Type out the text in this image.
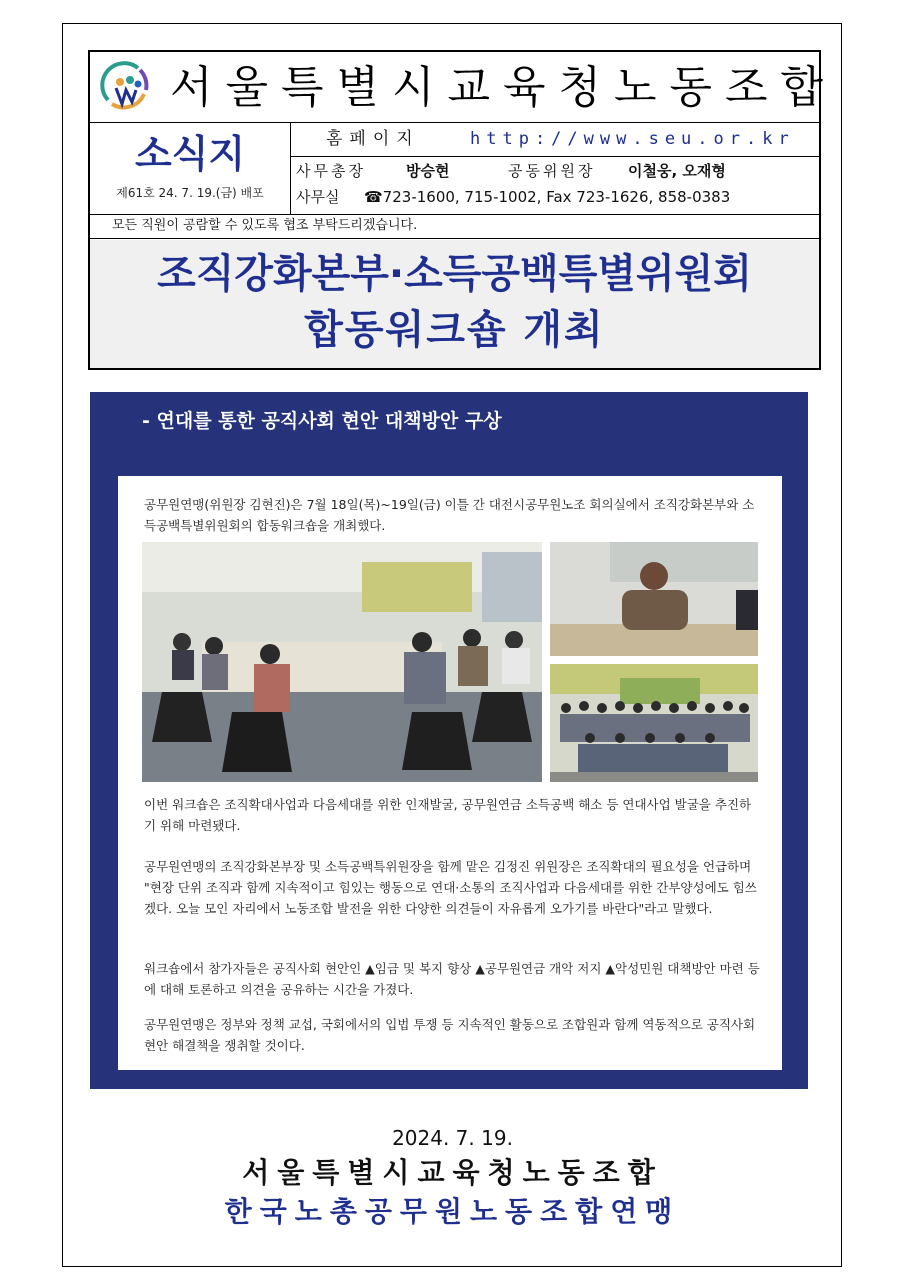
서울특별시교육청노동조합
소식지
제61호 24. 7. 19.(금) 배포
홈페이지	http://www.seu.or.kr
사무총장	방승현	공동위원장 이철웅, 오재형
사무실 ☎723-1600, 715-1002, Fax 723-1626, 858-0383
모든 직원이 공람할 수 있도록 협조 부탁드리겠습니다.
조직강화본부·소득공백특별위원회
합동워크숍 개최
- 연대를 통한 공직사회 현안 대책방안 구상

공무원연맹(위원장 김현진)은 7월 18일(목)~19일(금) 이틀 간 대전시공무원노조 회의실에서 조직강화본부와 소득공백특별위원회의 합동워크숍을 개최했다.

이번 워크숍은 조직확대사업과 다음세대를 위한 인재발굴, 공무원연금 소득공백 해소 등 연대사업 발굴을 추진하기 위해 마련됐다.

공무원연맹의 조직강화본부장 및 소득공백특위원장을 함께 맡은 김정진 위원장은 조직확대의 필요성을 언급하며 "현장 단위 조직과 함께 지속적이고 힘있는 행동으로 연대·소통의 조직사업과 다음세대를 위한 간부양성에도 힘쓰겠다. 오늘 모인 자리에서 노동조합 발전을 위한 다양한 의견들이 자유롭게 오가기를 바란다"라고 말했다.

워크숍에서 참가자들은 공직사회 현안인 ▲임금 및 복지 향상 ▲공무원연금 개악 저지 ▲악성민원 대책방안 마련 등에 대해 토론하고 의견을 공유하는 시간을 가졌다.

공무원연맹은 정부와 정책 교섭, 국회에서의 입법 투쟁 등 지속적인 활동으로 조합원과 함께 역동적으로 공직사회 현안 해결책을 쟁취할 것이다.

2024. 7. 19.
서울특별시교육청노동조합
한국노총공무원노동조합연맹
